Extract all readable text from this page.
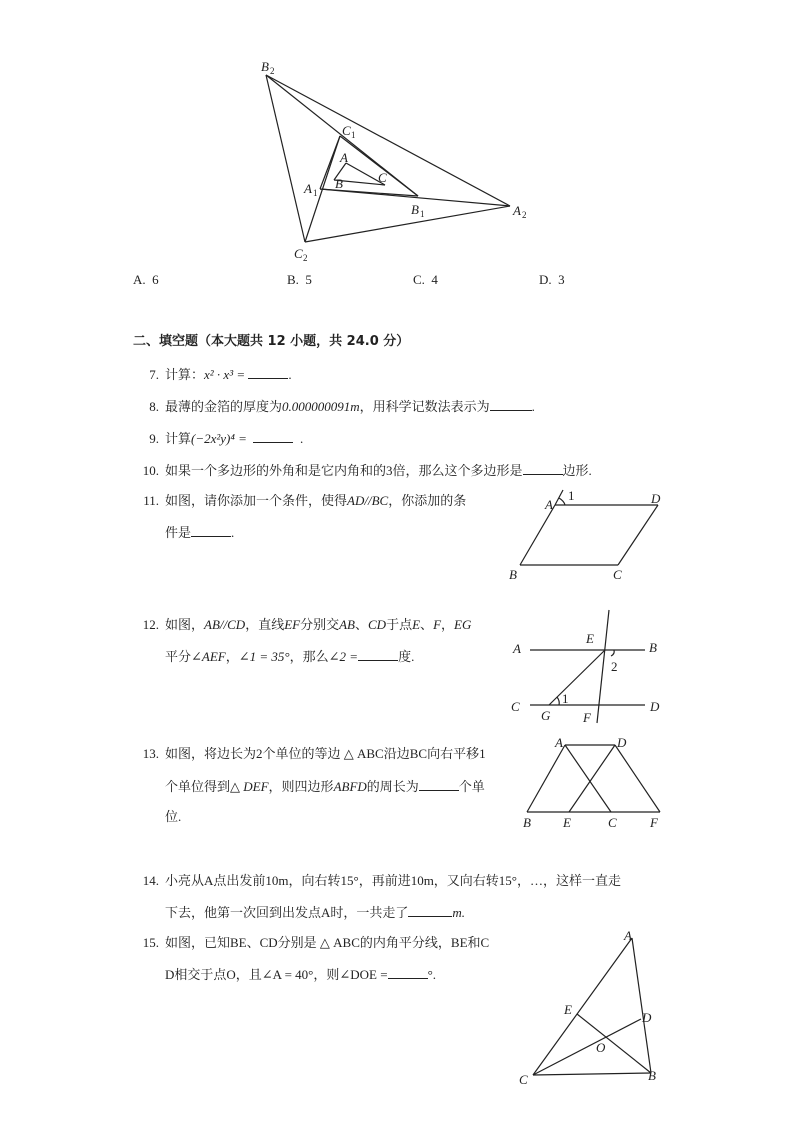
B 2
C 1
A
A 1
B	C
B 1	A 2
C 2
A. 6	B. 5	C. 4	D. 3
二、填空题（本大题共 12 小题，共 24.0 分）
7. 计算：x² · x³ =	.
8. 最薄的金箔的厚度为0.000000091m，用科学记数法表示为	.
9. 计算(−2x²y)⁴ =	.
10. 如果一个多边形的外角和是它内角和的3倍，那么这个多边形是	边形.
11. 如图，请你添加一个条件，使得AD//BC，你添加的条
件是	.
A
1	D
B	C
12. 如图，AB//CD，直线EF分别交AB、CD于点E、F，EG
平分∠AEF，∠1 = 35°，那么∠2 =	度.
A	B
E
2
C	D
G
1
F
13. 如图，将边长为2个单位的等边 △ ABC沿边BC向右平移1
个单位得到△ DEF，则四边形ABFD的周长为	个单
位.
A	D
B E	C	F
14. 小亮从A点出发前10m，向右转15°，再前进10m，又向右转15°，…，这样一直走
下去，他第一次回到出发点A时，一共走了	m.
15. 如图，已知BE、CD分别是 △ ABC的内角平分线，BE和C
D相交于点O，且∠A = 40°，则∠DOE =	°.
A
E
D
O
C	B
